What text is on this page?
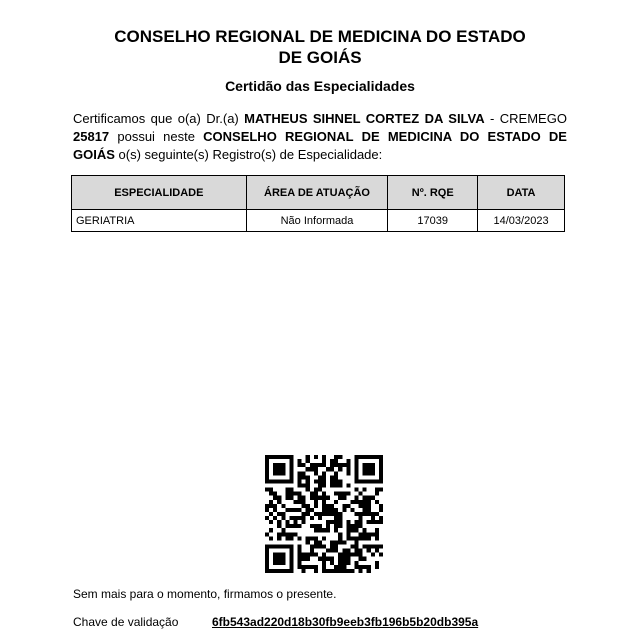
CONSELHO REGIONAL DE MEDICINA DO ESTADO
DE GOIÁS
Certidão das Especialidades
Certificamos que o(a) Dr.(a) MATHEUS SIHNEL CORTEZ DA SILVA - CREMEGO 25817 possui neste CONSELHO REGIONAL DE MEDICINA DO ESTADO DE GOIÁS o(s) seguinte(s) Registro(s) de Especialidade:
ESPECIALIDADE	ÁREA DE ATUAÇÃO	Nº. RQE	DATA
GERIATRIA	Não Informada	17039	14/03/2023
Sem mais para o momento, firmamos o presente.
Chave de validação	6fb543ad220d18b30fb9eeb3fb196b5b20db395a
